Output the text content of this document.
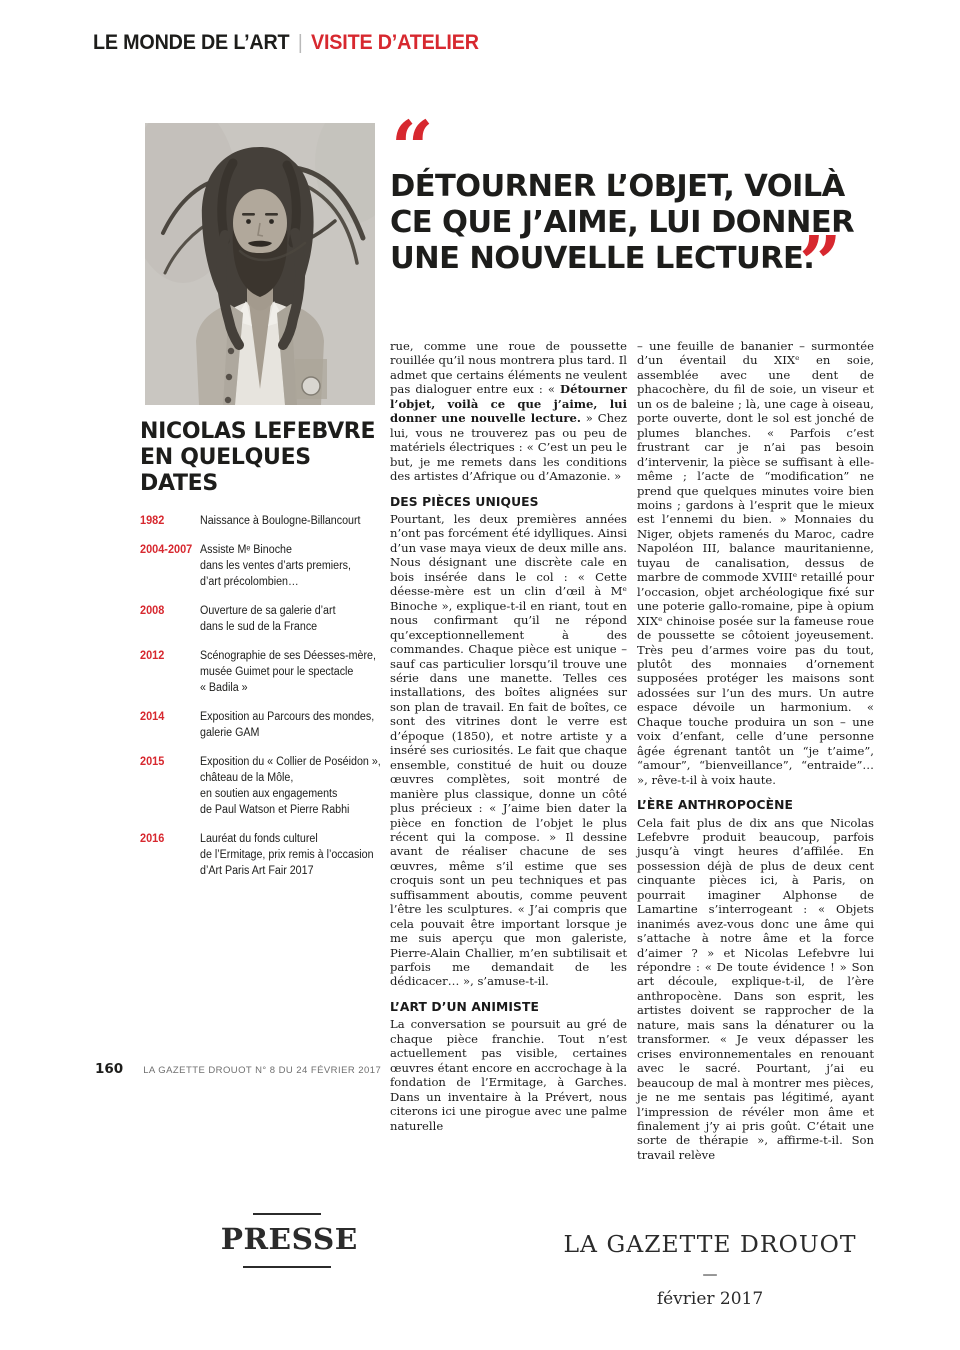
LE MONDE DE L’ART | VISITE D’ATELIER
“
DÉTOURNER L’OBJET, VOILÀ
CE QUE J’AIME, LUI DONNER
UNE NOUVELLE LECTURE.
”
NICOLAS LEFEBVRE
EN QUELQUES
DATES
1982	Naissance à Boulogne-Billancourt
2004-2007 Assiste Mᵉ Binoche
dans les ventes d’arts premiers,
d’art précolombien…
2008	Ouverture de sa galerie d’art
dans le sud de la France
2012	Scénographie de ses Déesses-mère,
musée Guimet pour le spectacle
« Badila »
2014	Exposition au Parcours des mondes,
galerie GAM
2015	Exposition du « Collier de Poséidon »,
château de la Môle,
en soutien aux engagements
de Paul Watson et Pierre Rabhi
2016	Lauréat du fonds culturel
de l’Ermitage, prix remis à l’occasion
d’Art Paris Art Fair 2017

rue, comme une roue de poussette rouillée qu’il nous montrera plus tard. Il admet que certains éléments ne veulent pas dialoguer entre eux : « Détourner l’objet, voilà ce que j’aime, lui donner une nouvelle lecture. » Chez lui, vous ne trouverez pas ou peu de matériels électriques : « C’est un peu le but, je me remets dans les conditions des artistes d’Afrique ou d’Amazonie. »

DES PIÈCES UNIQUES

Pourtant, les deux premières années n’ont pas forcément été idylliques. Ainsi d’un vase maya vieux de deux mille ans. Nous désignant une discrète cale en bois insérée dans le col : « Cette déesse-mère est un clin d’œil à Mᵉ Binoche », explique-t-il en riant, tout en nous confirmant qu’il ne répond qu’exceptionnellement à des commandes. Chaque pièce est unique – sauf cas particulier lorsqu’il trouve une série dans une manette. Telles ces installations, des boîtes alignées sur son plan de travail. En fait de boîtes, ce sont des vitrines dont le verre est d’époque (1850), et notre artiste y a inséré ses curiosités. Le fait que chaque ensemble, constitué de huit ou douze œuvres complètes, soit montré de manière plus classique, donne un côté plus précieux : « J’aime bien dater la pièce en fonction de l’objet le plus récent qui la compose. » Il dessine avant de réaliser chacune de ses œuvres, même s’il estime que ses croquis sont un peu techniques et pas suffisamment aboutis, comme peuvent l’être les sculptures. « J’ai compris que cela pouvait être important lorsque je me suis aperçu que mon galeriste, Pierre-Alain Challier, m’en subtilisait et parfois me demandait de les dédicacer… », s’amuse-t-il.

L’ART D’UN ANIMISTE

La conversation se poursuit au gré de chaque pièce franchie. Tout n’est actuellement pas visible, certaines œuvres étant encore en accrochage à la fondation de l’Ermitage, à Garches. Dans un inventaire à la Prévert, nous citerons ici une pirogue avec une palme naturelle

– une feuille de bananier – surmontée d’un éventail du XIXᵉ en soie, assemblée avec une dent de phacochère, du fil de soie, un viseur et un os de baleine ; là, une cage à oiseau, porte ouverte, dont le sol est jonché de plumes blanches. « Parfois c’est frustrant car je n’ai pas besoin d’intervenir, la pièce se suffisant à elle-même ; l’acte de “modification” ne prend que quelques minutes voire bien moins ; gardons à l’esprit que le mieux est l’ennemi du bien. » Monnaies du Niger, objets ramenés du Maroc, cadre Napoléon III, balance mauritanienne, tuyau de canalisation, dessus de marbre de commode XVIIIᵉ retaillé pour l’occasion, objet archéologique fixé sur une poterie gallo-romaine, pipe à opium XIXᵉ chinoise posée sur la fameuse roue de poussette se côtoient joyeusement. Très peu d’armes voire pas du tout, plutôt des monnaies d’ornement supposées protéger les maisons sont adossées sur l’un des murs. Un autre espace dévoile un harmonium. « Chaque touche produira un son – une voix d’enfant, celle d’une personne âgée égrenant tantôt un “je t’aime”, “amour”, “bienveillance”, “entraide”… », rêve-t-il à voix haute.

L’ÈRE ANTHROPOCÈNE

Cela fait plus de dix ans que Nicolas Lefebvre produit beaucoup, parfois jusqu’à vingt heures d’affilée. En possession déjà de plus de deux cent cinquante pièces ici, à Paris, on pourrait imaginer Alphonse de Lamartine s’interrogeant : « Objets inanimés avez-vous donc une âme qui s’attache à notre âme et la force d’aimer ? » et Nicolas Lefebvre lui répondre : « De toute évidence ! » Son art découle, explique-t-il, de l’ère anthropocène. Dans son esprit, les artistes doivent se rapprocher de la nature, mais sans la dénaturer ou la transformer. « Je veux dépasser les crises environnementales en renouant avec le sacré. Pourtant, j’ai eu beaucoup de mal à montrer mes pièces, je ne me sentais pas légitimé, ayant l’impression de révéler mon âme et finalement j’y ai pris goût. C’était une sorte de thérapie », affirme-t-il. Son travail relève

160 LA GAZETTE DROUOT N° 8 DU 24 FÉVRIER 2017
PRESSE	LA GAZETTE DROUOT
—
février 2017
